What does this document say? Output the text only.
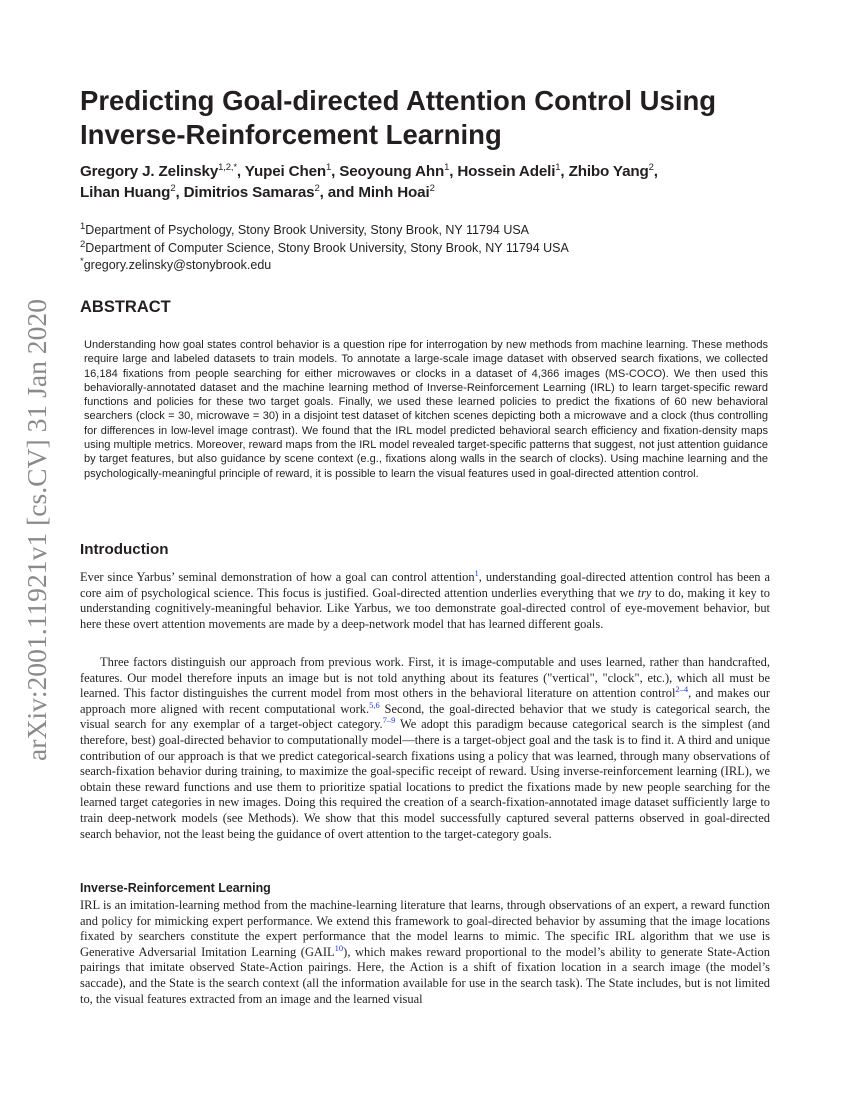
arXiv:2001.11921v1 [cs.CV] 31 Jan 2020
Predicting Goal-directed Attention Control Using Inverse-Reinforcement Learning
Gregory J. Zelinsky$^{1,2,*}$, Yupei Chen$^1$, Seoyoung Ahn$^1$, Hossein Adeli$^1$, Zhibo Yang$^2$,
Lihan Huang$^2$, Dimitrios Samaras$^2$, and Minh Hoai$^2$
$^1$Department of Psychology, Stony Brook University, Stony Brook, NY 11794 USA
$^2$Department of Computer Science, Stony Brook University, Stony Brook, NY 11794 USA
*gregory.zelinsky@stonybrook.edu
ABSTRACT

Understanding how goal states control behavior is a question ripe for interrogation by new methods from machine learning. These methods require large and labeled datasets to train models. To annotate a large-scale image dataset with observed search fixations, we collected 16,184 fixations from people searching for either microwaves or clocks in a dataset of 4,366 images (MS-COCO). We then used this behaviorally-annotated dataset and the machine learning method of Inverse-Reinforcement Learning (IRL) to learn target-specific reward functions and policies for these two target goals. Finally, we used these learned policies to predict the fixations of 60 new behavioral searchers (clock = 30, microwave = 30) in a disjoint test dataset of kitchen scenes depicting both a microwave and a clock (thus controlling for differences in low-level image contrast). We found that the IRL model predicted behavioral search efficiency and fixation-density maps using multiple metrics. Moreover, reward maps from the IRL model revealed target-specific patterns that suggest, not just attention guidance by target features, but also guidance by scene context (e.g., fixations along walls in the search of clocks). Using machine learning and the psychologically-meaningful principle of reward, it is possible to learn the visual features used in goal-directed attention control.

Introduction

Ever since Yarbus’ seminal demonstration of how a goal can control attention$^1$, understanding goal-directed attention control has been a core aim of psychological science. This focus is justified. Goal-directed attention underlies everything that we try to do, making it key to understanding cognitively-meaningful behavior. Like Yarbus, we too demonstrate goal-directed control of eye-movement behavior, but here these overt attention movements are made by a deep-network model that has learned different goals.

Three factors distinguish our approach from previous work. First, it is image-computable and uses learned, rather than handcrafted, features. Our model therefore inputs an image but is not told anything about its features ("vertical", "clock", etc.), which all must be learned. This factor distinguishes the current model from most others in the behavioral literature on attention control$^{2-4}$, and makes our approach more aligned with recent computational work.$^{5,6}$ Second, the goal-directed behavior that we study is categorical search, the visual search for any exemplar of a target-object category.$^{7-9}$ We adopt this paradigm because categorical search is the simplest (and therefore, best) goal-directed behavior to computationally model—there is a target-object goal and the task is to find it. A third and unique contribution of our approach is that we predict categorical-search fixations using a policy that was learned, through many observations of search-fixation behavior during training, to maximize the goal-specific receipt of reward. Using inverse-reinforcement learning (IRL), we obtain these reward functions and use them to prioritize spatial locations to predict the fixations made by new people searching for the learned target categories in new images. Doing this required the creation of a search-fixation-annotated image dataset sufficiently large to train deep-network models (see Methods). We show that this model successfully captured several patterns observed in goal-directed search behavior, not the least being the guidance of overt attention to the target-category goals.

Inverse-Reinforcement Learning

IRL is an imitation-learning method from the machine-learning literature that learns, through observations of an expert, a reward function and policy for mimicking expert performance. We extend this framework to goal-directed behavior by assuming that the image locations fixated by searchers constitute the expert performance that the model learns to mimic. The specific IRL algorithm that we use is Generative Adversarial Imitation Learning (GAIL$^{10}$), which makes reward proportional to the model’s ability to generate State-Action pairings that imitate observed State-Action pairings. Here, the Action is a shift of fixation location in a search image (the model’s saccade), and the State is the search context (all the information available for use in the search task). The State includes, but is not limited to, the visual features extracted from an image and the learned visual
